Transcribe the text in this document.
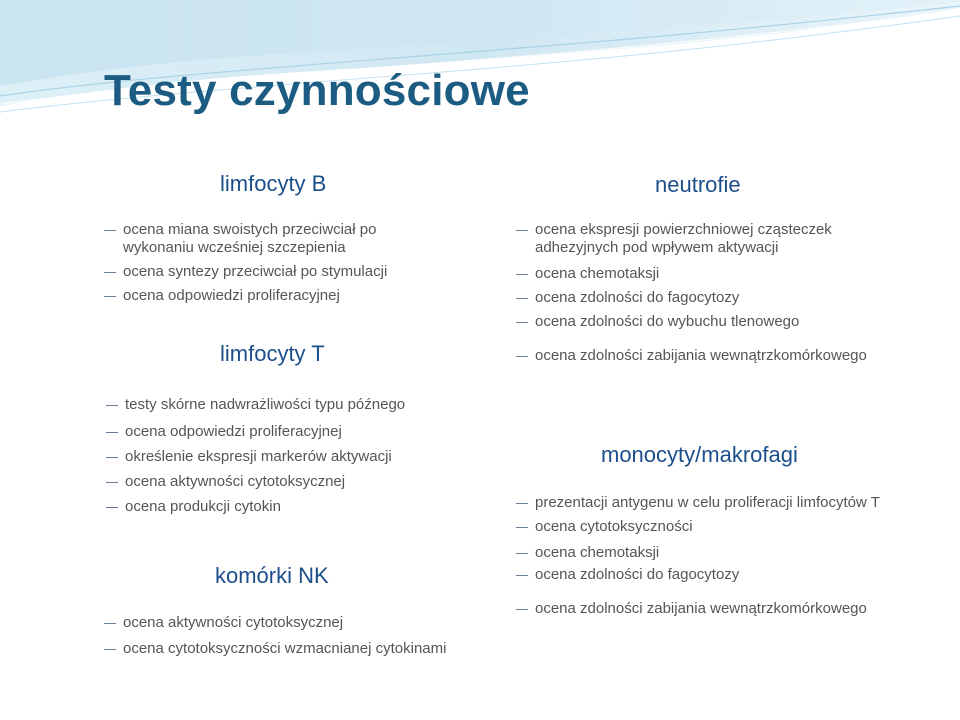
Testy czynnościowe
limfocyty B
ocena miana swoistych przeciwciał po wykonaniu wcześniej szczepienia
ocena syntezy przeciwciał po stymulacji
ocena odpowiedzi proliferacyjnej
limfocyty T
testy skórne nadwrażliwości typu późnego
ocena odpowiedzi proliferacyjnej
określenie ekspresji markerów aktywacji
ocena aktywności cytotoksycznej
ocena produkcji cytokin
komórki NK
ocena aktywności cytotoksycznej
ocena cytotoksyczności wzmacnianej cytokinami
neutrofie
ocena ekspresji powierzchniowej cząsteczek adhezyjnych pod wpływem aktywacji
ocena chemotaksji
ocena zdolności do fagocytozy
ocena zdolności do wybuchu tlenowego
ocena zdolności zabijania wewnątrzkomórkowego
monocyty/makrofagi
prezentacji antygenu w celu proliferacji limfocytów T
ocena cytotoksyczności
ocena chemotaksji
ocena zdolności do fagocytozy
ocena zdolności zabijania wewnątrzkomórkowego
